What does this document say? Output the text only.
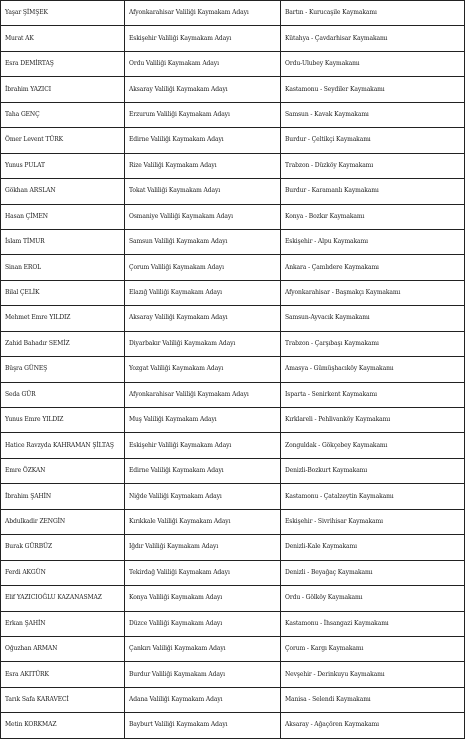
Yaşar ŞİMŞEK	Afyonkarahisar Valiliği Kaymakam Adayı	Bartın - Kurucaşile Kaymakamı
Murat AK	Eskişehir Valiliği Kaymakam Adayı	Kütahya - Çavdarhisar Kaymakamı
Esra DEMİRTAŞ	Ordu Valiliği Kaymakam Adayı	Ordu-Ulubey Kaymakamı
İbrahim YAZICI	Aksaray Valiliği Kaymakam Adayı	Kastamonu - Seydiler Kaymakamı
Taha GENÇ	Erzurum Valiliği Kaymakam Adayı	Samsun - Kavak Kaymakamı
Ömer Levent TÜRK	Edirne Valiliği Kaymakam Adayı	Burdur - Çeltikçi Kaymakamı
Yunus PULAT	Rize Valiliği Kaymakam Adayı	Trabzon - Düzköy Kaymakamı
Gökhan ARSLAN	Tokat Valiliği Kaymakam Adayı	Burdur - Karamanlı Kaymakamı
Hasan ÇİMEN	Osmaniye Valiliği Kaymakam Adayı	Konya - Bozkır Kaymakamı
İslam TİMUR	Samsun Valiliği Kaymakam Adayı	Eskişehir - Alpu Kaymakamı
Sinan EROL	Çorum Valiliği Kaymakam Adayı	Ankara - Çamlıdere Kaymakamı
Bilal ÇELİK	Elazığ Valiliği Kaymakam Adayı	Afyonkarahisar - Başmakçı Kaymakamı
Mehmet Emre YILDIZ	Aksaray Valiliği Kaymakam Adayı	Samsun-Ayvacık Kaymakamı
Zahid Bahadır SEMİZ	Diyarbakır Valiliği Kaymakam Adayı	Trabzon - Çarşıbaşı Kaymakamı
Büşra GÜNEŞ	Yozgat Valiliği Kaymakam Adayı	Amasya - Gümüşhacıköy Kaymakamı
Seda GÜR	Afyonkarahisar Valiliği Kaymakam Adayı	Isparta - Senirkent Kaymakamı
Yunus Emre YILDIZ	Muş Valiliği Kaymakam Adayı	Kırklareli - Pehlivanköy Kaymakamı
Hatice Ravzyda KAHRAMAN ŞİLTAŞ	Eskişehir Valiliği Kaymakam Adayı	Zonguldak - Gökçebey Kaymakamı
Emre ÖZKAN	Edirne Valiliği Kaymakam Adayı	Denizli-Bozkurt Kaymakamı
İbrahim ŞAHİN	Niğde Valiliği Kaymakam Adayı	Kastamonu - Çatalzeytin Kaymakamı
Abdulkadir ZENGİN	Kırıkkale Valiliği Kaymakam Adayı	Eskişehir - Sivrihisar Kaymakamı
Burak GÜRBÜZ	Iğdır Valiliği Kaymakam Adayı	Denizli-Kale Kaymakamı
Ferdi AKGÜN	Tekirdağ Valiliği Kaymakam Adayı	Denizli - Beyağaç Kaymakamı
Elif YAZICIOĞLU KAZANASMAZ	Konya Valiliği Kaymakam Adayı	Ordu - Gölköy Kaymakamı
Erkan ŞAHİN	Düzce Valiliği Kaymakam Adayı	Kastamonu - İhsangazi Kaymakamı
Oğuzhan ARMAN	Çankırı Valiliği Kaymakam Adayı	Çorum - Kargı Kaymakamı
Esra AKITÜRK	Burdur Valiliği Kaymakam Adayı	Nevşehir - Derinkuyu Kaymakamı
Tarık Safa KARAVECİ	Adana Valiliği Kaymakam Adayı	Manisa - Selendi Kaymakamı
Metin KORKMAZ	Bayburt Valiliği Kaymakam Adayı	Aksaray - Ağaçören Kaymakamı
